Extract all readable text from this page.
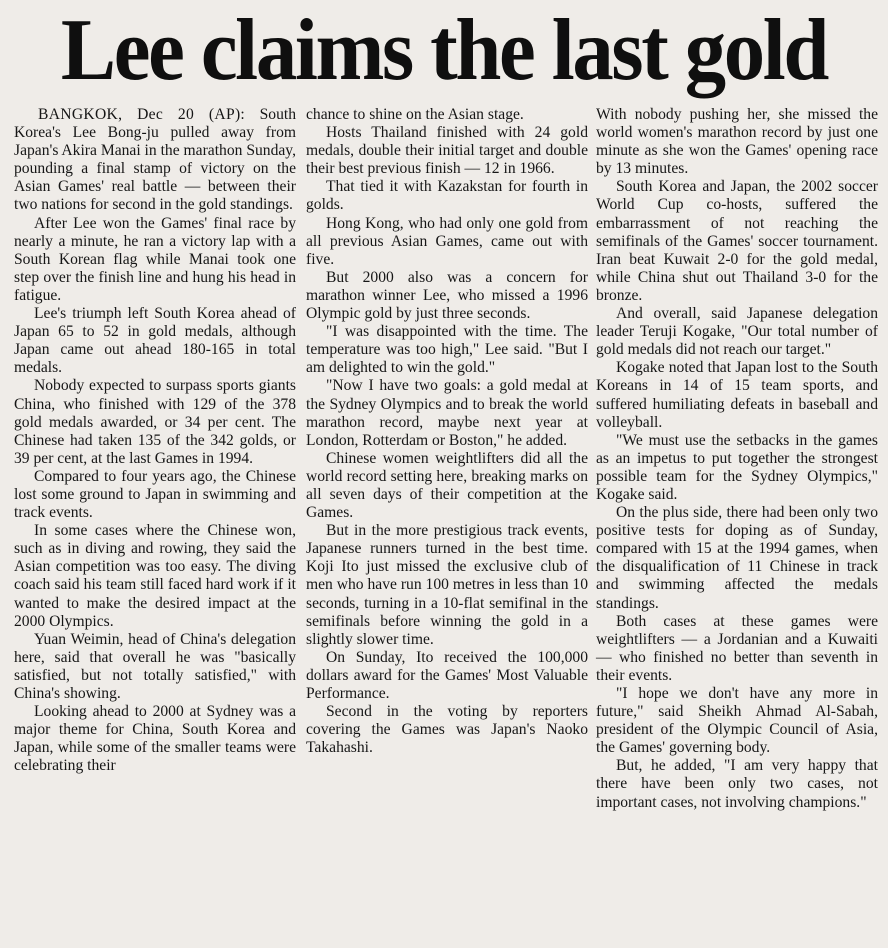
Lee claims the last gold

BANGKOK, Dec 20 (AP): South Korea's Lee Bong-ju pulled away from Japan's Akira Manai in the marathon Sunday, pounding a final stamp of victory on the Asian Games' real battle — between their two nations for second in the gold standings.

After Lee won the Games' final race by nearly a minute, he ran a victory lap with a South Korean flag while Manai took one step over the finish line and hung his head in fatigue.

Lee's triumph left South Korea ahead of Japan 65 to 52 in gold medals, although Japan came out ahead 180-165 in total medals.

Nobody expected to surpass sports giants China, who finished with 129 of the 378 gold medals awarded, or 34 per cent. The Chinese had taken 135 of the 342 golds, or 39 per cent, at the last Games in 1994.

Compared to four years ago, the Chinese lost some ground to Japan in swimming and track events.

In some cases where the Chinese won, such as in diving and rowing, they said the Asian competition was too easy. The diving coach said his team still faced hard work if it wanted to make the desired impact at the 2000 Olympics.

Yuan Weimin, head of China's delegation here, said that overall he was "basically satisfied, but not totally satisfied," with China's showing.

Looking ahead to 2000 at Sydney was a major theme for China, South Korea and Japan, while some of the smaller teams were celebrating their

chance to shine on the Asian stage.

Hosts Thailand finished with 24 gold medals, double their initial target and double their best previous finish — 12 in 1966.

That tied it with Kazakstan for fourth in golds.

Hong Kong, who had only one gold from all previous Asian Games, came out with five.

But 2000 also was a concern for marathon winner Lee, who missed a 1996 Olympic gold by just three seconds.

"I was disappointed with the time. The temperature was too high," Lee said. "But I am delighted to win the gold."

"Now I have two goals: a gold medal at the Sydney Olympics and to break the world marathon record, maybe next year at London, Rotterdam or Boston," he added.

Chinese women weightlifters did all the world record setting here, breaking marks on all seven days of their competition at the Games.

But in the more prestigious track events, Japanese runners turned in the best time. Koji Ito just missed the exclusive club of men who have run 100 metres in less than 10 seconds, turning in a 10-flat semifinal in the semifinals before winning the gold in a slightly slower time.

On Sunday, Ito received the 100,000 dollars award for the Games' Most Valuable Performance.

Second in the voting by reporters covering the Games was Japan's Naoko Takahashi.

With nobody pushing her, she missed the world women's marathon record by just one minute as she won the Games' opening race by 13 minutes.

South Korea and Japan, the 2002 soccer World Cup co-hosts, suffered the embarrassment of not reaching the semifinals of the Games' soccer tournament. Iran beat Kuwait 2-0 for the gold medal, while China shut out Thailand 3-0 for the bronze.

And overall, said Japanese delegation leader Teruji Kogake, "Our total number of gold medals did not reach our target."

Kogake noted that Japan lost to the South Koreans in 14 of 15 team sports, and suffered humiliating defeats in baseball and volleyball.

"We must use the setbacks in the games as an impetus to put together the strongest possible team for the Sydney Olympics," Kogake said.

On the plus side, there had been only two positive tests for doping as of Sunday, compared with 15 at the 1994 games, when the disqualification of 11 Chinese in track and swimming affected the medals standings.

Both cases at these games were weightlifters — a Jordanian and a Kuwaiti — who finished no better than seventh in their events.

"I hope we don't have any more in future," said Sheikh Ahmad Al-Sabah, president of the Olympic Council of Asia, the Games' governing body.

But, he added, "I am very happy that there have been only two cases, not important cases, not involving champions."
